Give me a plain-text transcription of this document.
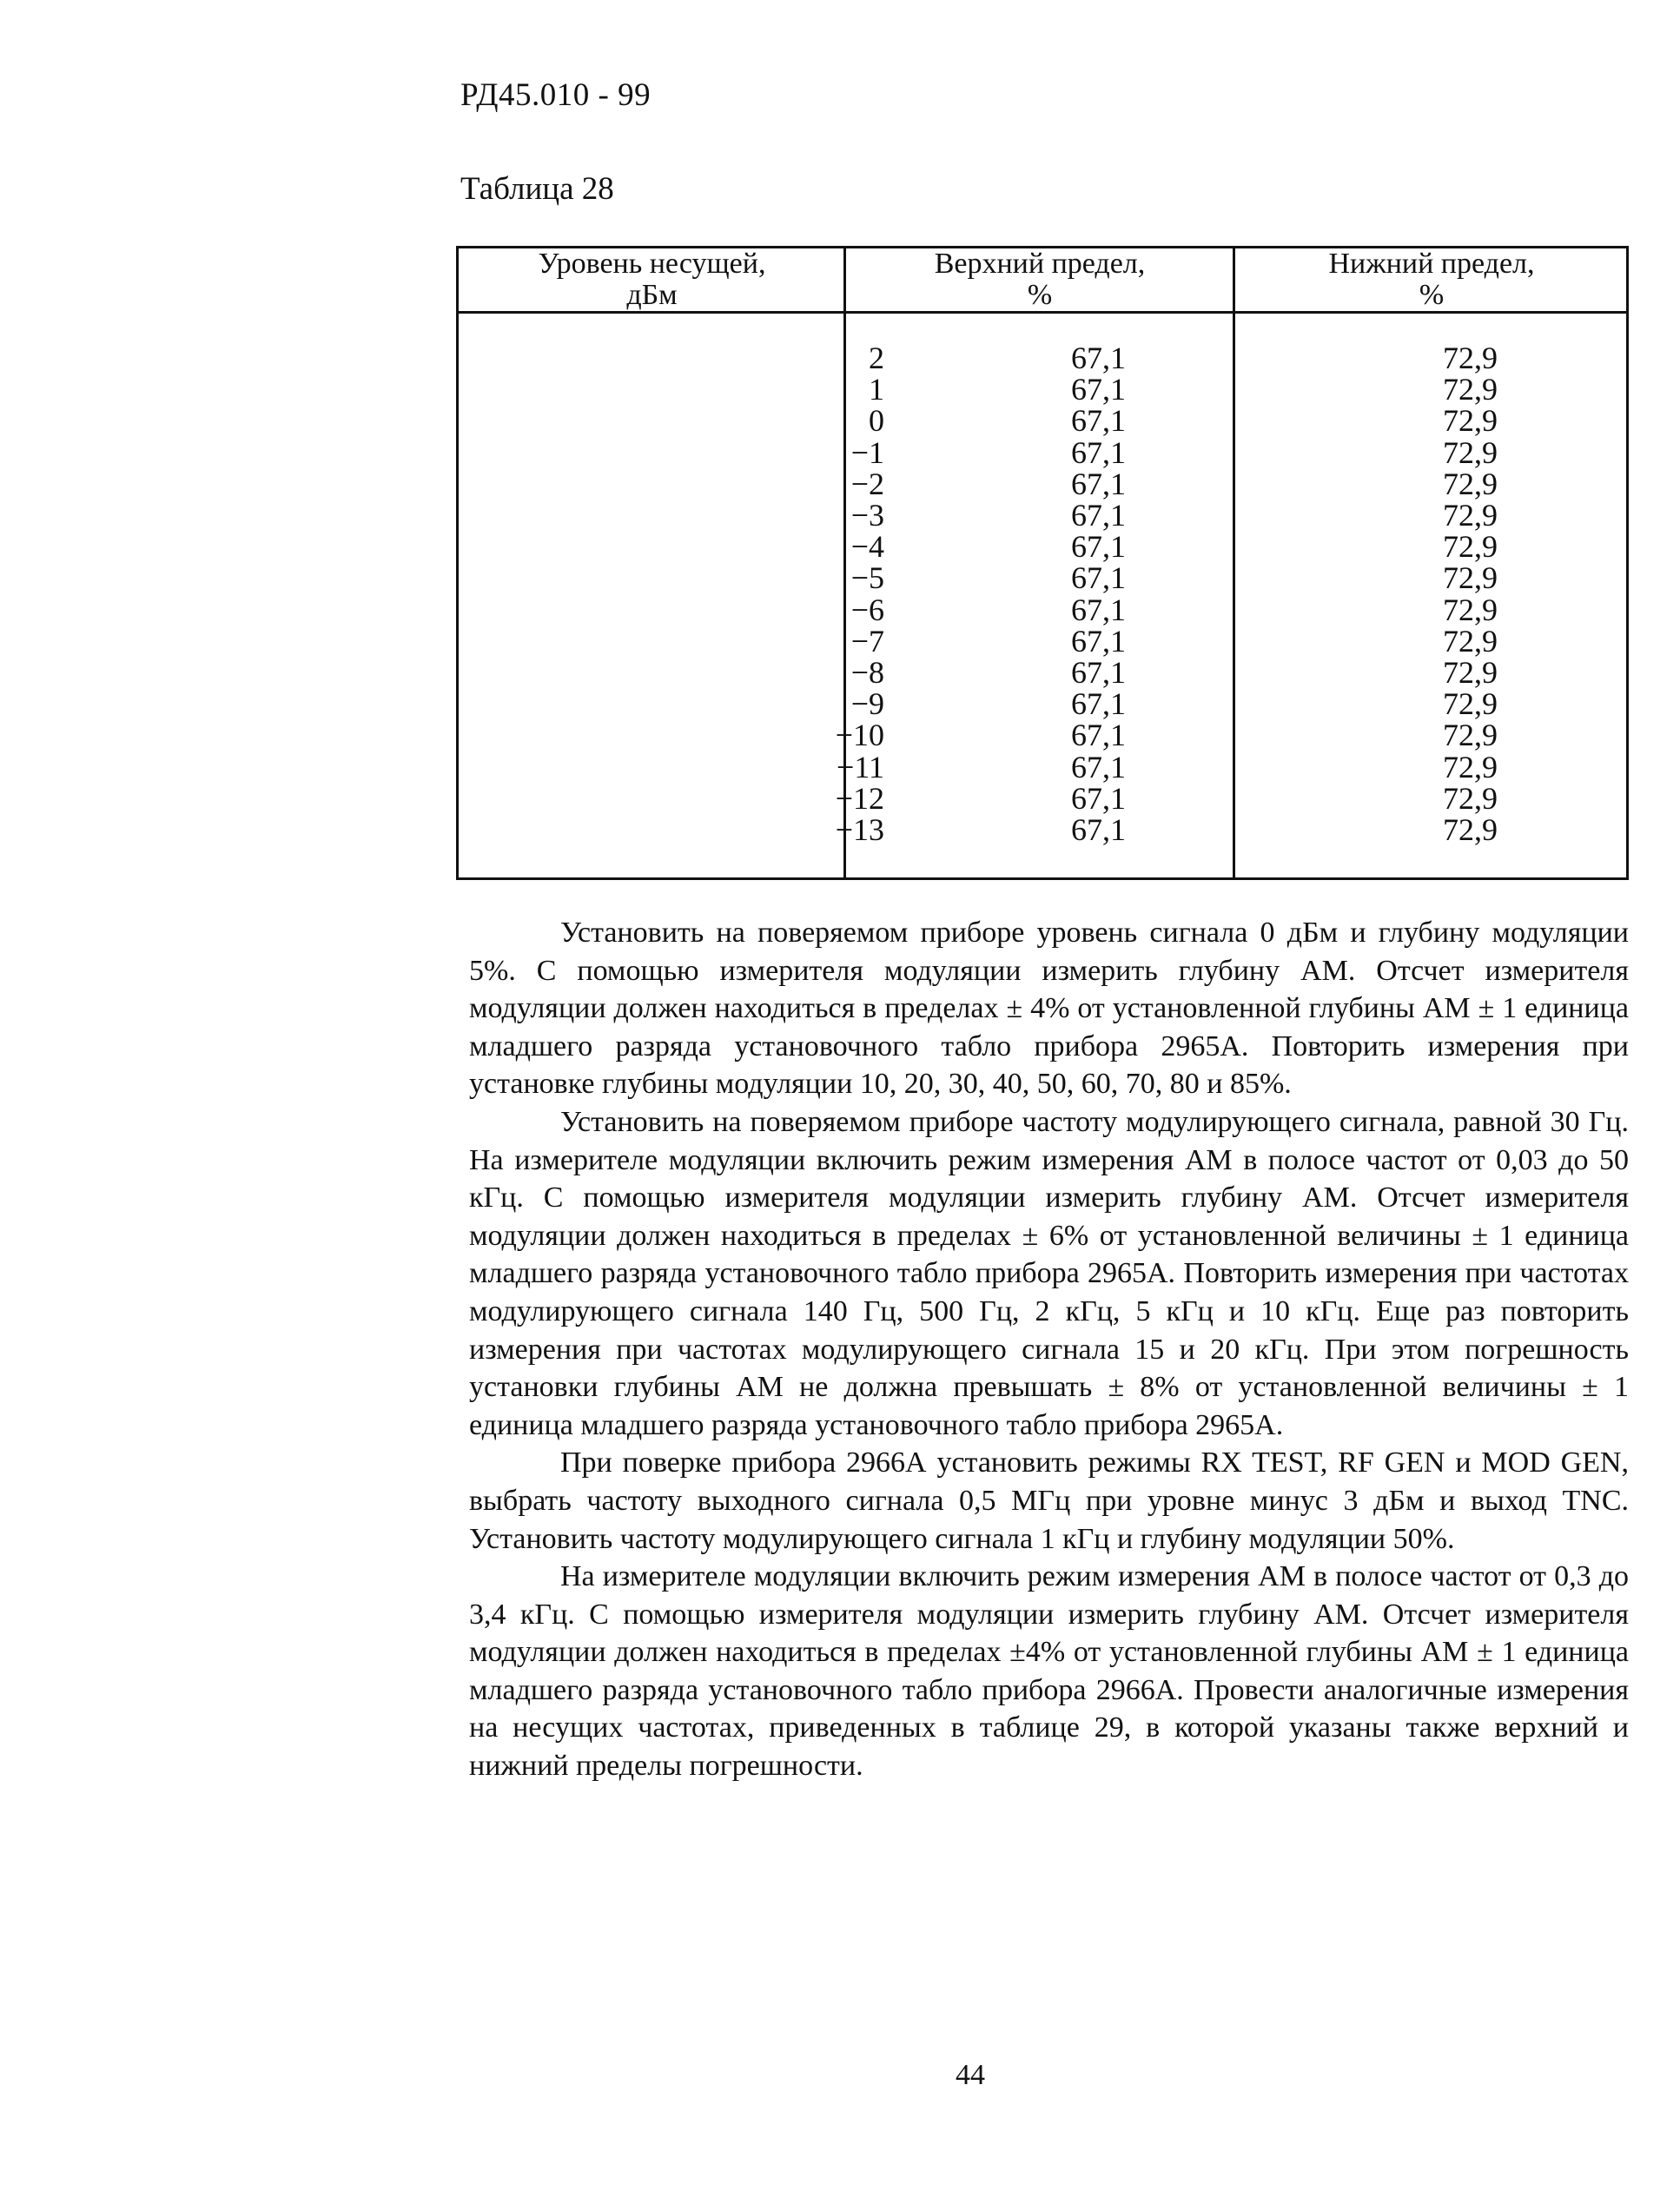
РД45.010 - 99
Таблица 28
Уровень несущей,
дБм
Верхний предел,
%
Нижний предел,
%
2
1
0
−1
−2
−3
−4
−5
−6
−7
−8
−9
−10
−11
−12
−13
67,1
67,1
67,1
67,1
67,1
67,1
67,1
67,1
67,1
67,1
67,1
67,1
67,1
67,1
67,1
67,1
72,9
72,9
72,9
72,9
72,9
72,9
72,9
72,9
72,9
72,9
72,9
72,9
72,9
72,9
72,9
72,9

Установить на поверяемом приборе уровень сигнала 0 дБм и глубину модуляции 5%. С помощью измерителя модуляции измерить глубину АМ. Отсчет измерителя модуляции должен находиться в пределах ± 4% от установленной глубины АМ ± 1 единица младшего разряда установочного табло прибора 2965А. Повторить измерения при установке глубины модуляции 10, 20, 30, 40, 50, 60, 70, 80 и 85%.

Установить на поверяемом приборе частоту модулирующего сигнала, равной 30 Гц. На измерителе модуляции включить режим измерения АМ в полосе частот от 0,03 до 50 кГц. С помощью измерителя модуляции измерить глубину АМ. Отсчет измерителя модуляции должен находиться в пределах ± 6% от установленной величины ± 1 единица младшего разряда установочного табло прибора 2965А. Повторить измерения при частотах модулирующего сигнала 140 Гц, 500 Гц, 2 кГц, 5 кГц и 10 кГц. Еще раз повторить измерения при частотах модулирующего сигнала 15 и 20 кГц. При этом погрешность установки глубины АМ не должна превышать ± 8% от установленной величины ± 1 единица младшего разряда установочного табло прибора 2965А.

При поверке прибора 2966А установить режимы RX TEST, RF GEN и MOD GEN, выбрать частоту выходного сигнала 0,5 МГц при уровне минус 3 дБм и выход TNC. Установить частоту модулирующего сигнала 1 кГц и глубину модуляции 50%.

На измерителе модуляции включить режим измерения АМ в полосе частот от 0,3 до 3,4 кГц. С помощью измерителя модуляции измерить глубину АМ. Отсчет измерителя модуляции должен находиться в пределах ±4% от установленной глубины АМ ± 1 единица младшего разряда установочного табло прибора 2966А. Провести аналогичные измерения на несущих частотах, приведенных в таблице 29, в которой указаны также верхний и нижний пределы погрешности.

44
